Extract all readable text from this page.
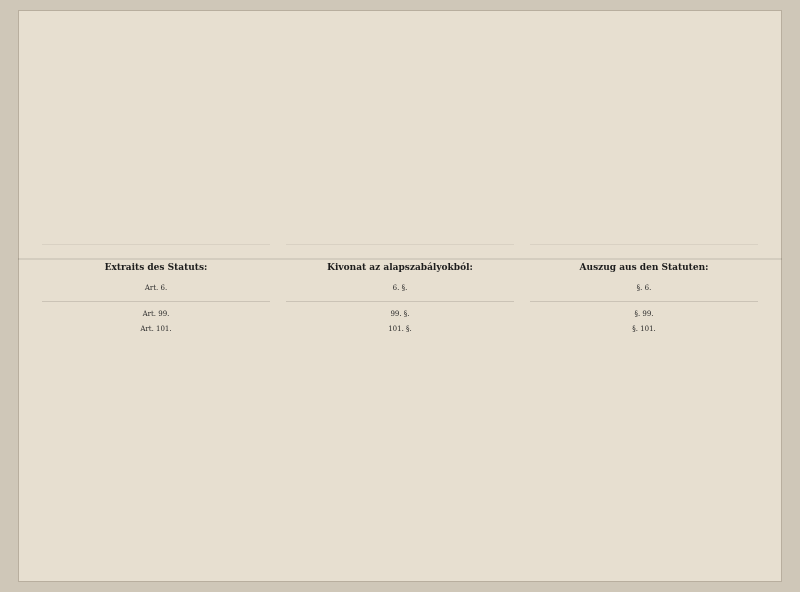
Extraits des Statuts:
Art. 6.

Art. 99.

Art. 101.

Kivonat az alapszabályokból:
6. §.

99. §.

101. §.

Auszug aus den Statuten:
§. 6.

§. 99.

§. 101.
